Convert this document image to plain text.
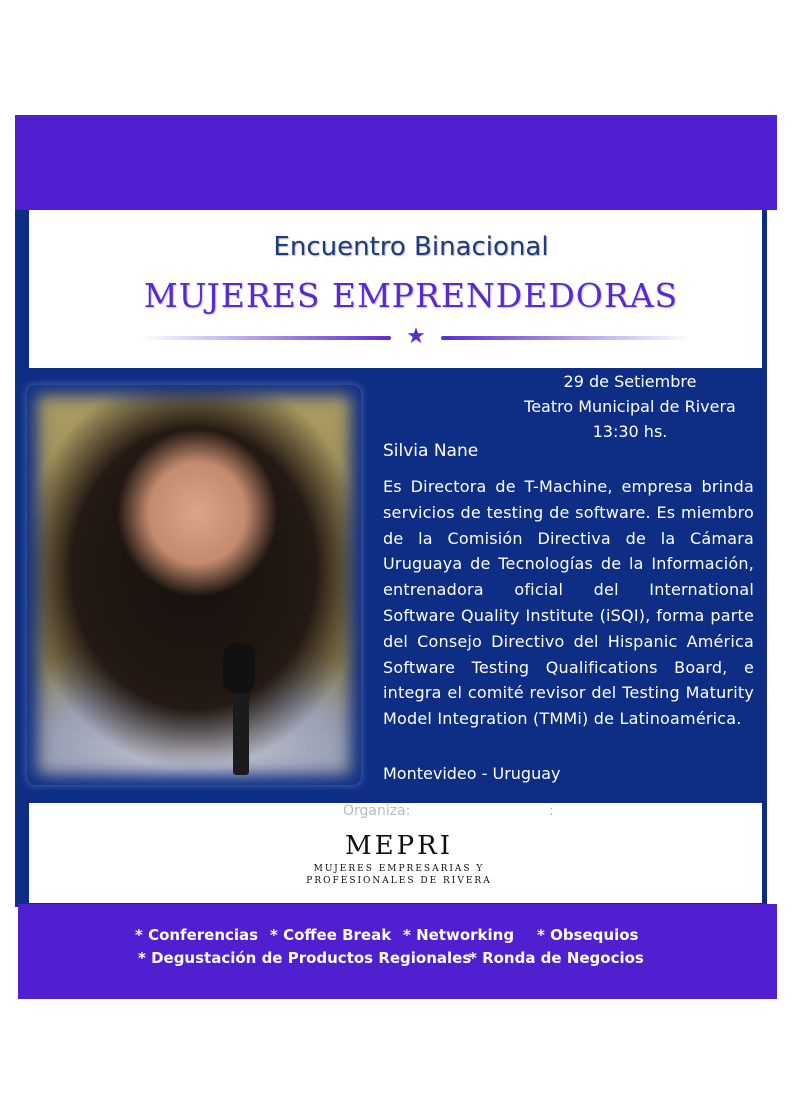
Encuentro Binacional
MUJERES EMPRENDEDORAS
★
29 de Setiembre
Teatro Municipal de Rivera
13:30 hs.
Silvia Nane
Es Directora de T-Machine, empresa brinda servicios de testing de software. Es miembro de la Comisión Directiva de la Cámara Uruguaya de Tecnologías de la Información, entrenadora oficial del International Software Quality Institute (iSQI), forma parte del Consejo Directivo del Hispanic América Software Testing Qualifications Board, e integra el comité revisor del Testing Maturity Model Integration (TMMi) de Latinoamérica.
Montevideo - Uruguay
Organiza:	:
MEPRI
MUJERES EMPRESARIAS Y
PROFESIONALES DE RIVERA
* Conferencias * Coffee Break * Networking * Obsequios
* Degustación de Productos Regionales
* Ronda de Negocios
